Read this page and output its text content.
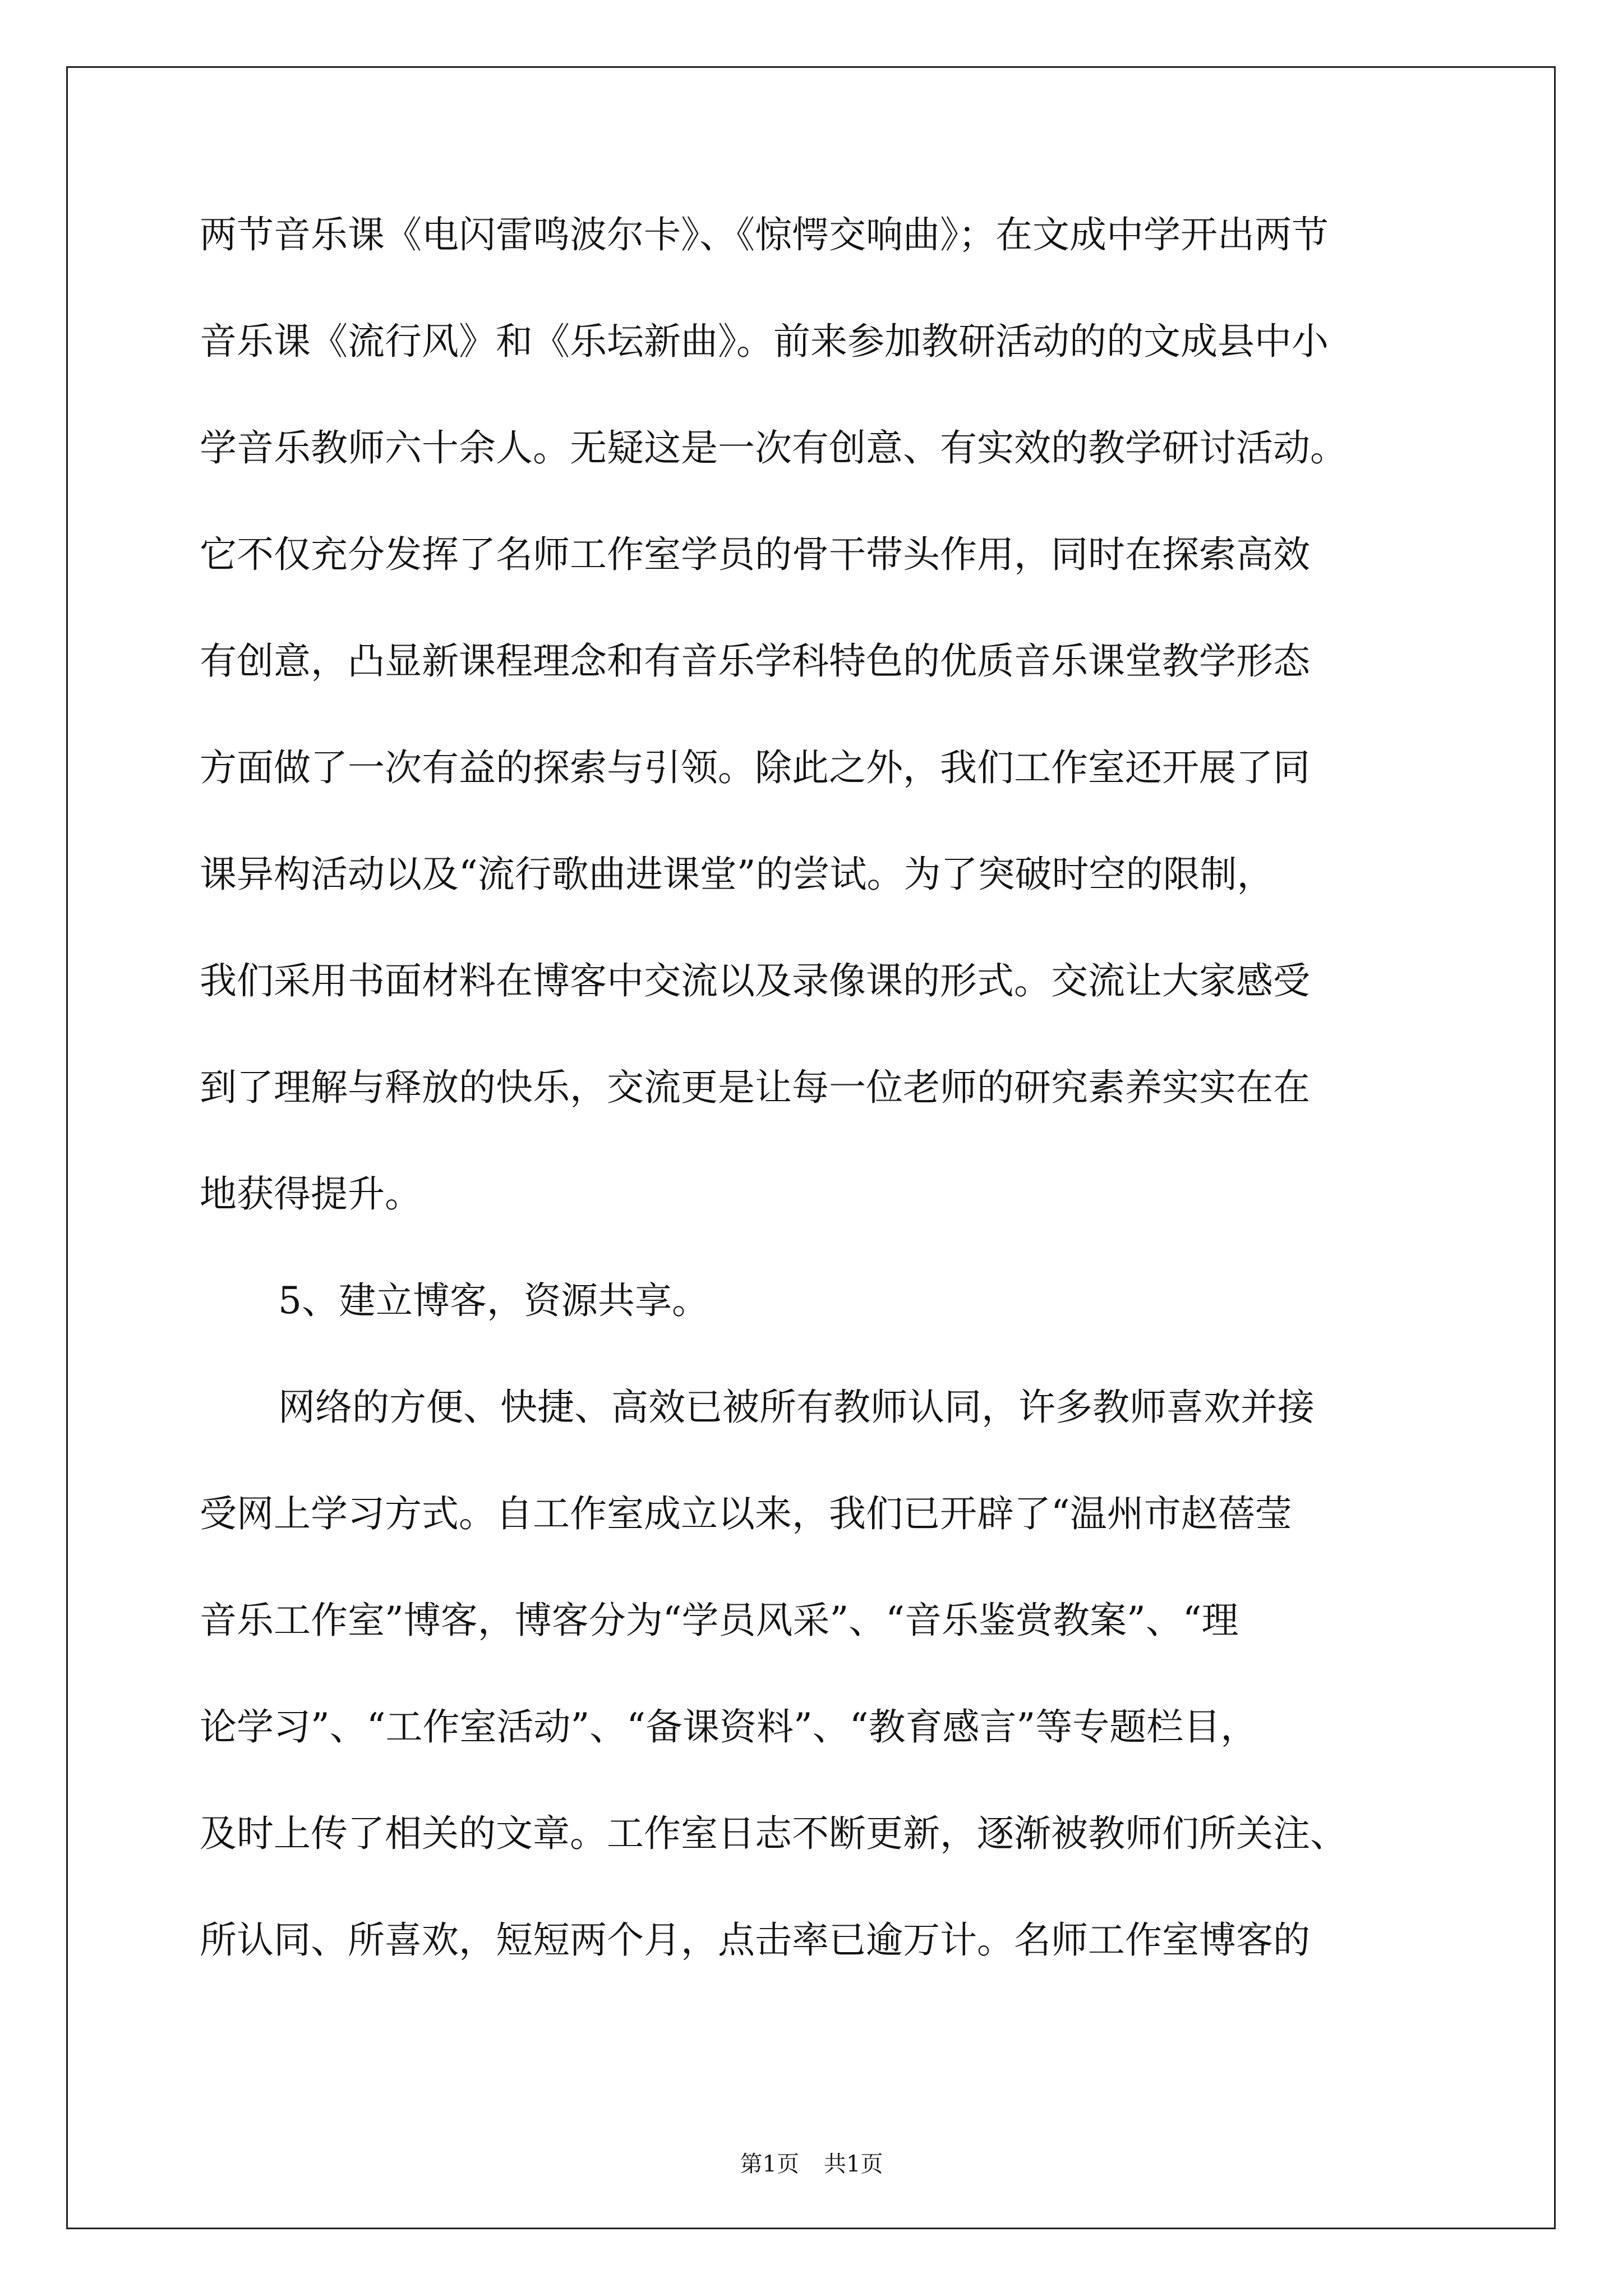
两节音乐课《电闪雷鸣波尔卡》、《惊愕交响曲》；在文成中学开出两节
音乐课《流行风》和《乐坛新曲》。前来参加教研活动的的文成县中小
学音乐教师六十余人。无疑这是一次有创意、有实效的教学研讨活动。
它不仅充分发挥了名师工作室学员的骨干带头作用，同时在探索高效
有创意，凸显新课程理念和有音乐学科特色的优质音乐课堂教学形态
方面做了一次有益的探索与引领。除此之外，我们工作室还开展了同
课异构活动以及“流行歌曲进课堂”的尝试。为了突破时空的限制，
我们采用书面材料在博客中交流以及录像课的形式。交流让大家感受
到了理解与释放的快乐，交流更是让每一位老师的研究素养实实在在
地获得提升。
5、建立博客，资源共享。
网络的方便、快捷、高效已被所有教师认同，许多教师喜欢并接
受网上学习方式。自工作室成立以来，我们已开辟了“温州市赵蓓莹
音乐工作室”博客，博客分为“学员风采”、“音乐鉴赏教案”、“理
论学习”、“工作室活动”、“备课资料”、“教育感言”等专题栏目，
及时上传了相关的文章。工作室日志不断更新，逐渐被教师们所关注、
所认同、所喜欢，短短两个月，点击率已逾万计。名师工作室博客的
第1页 共1页
